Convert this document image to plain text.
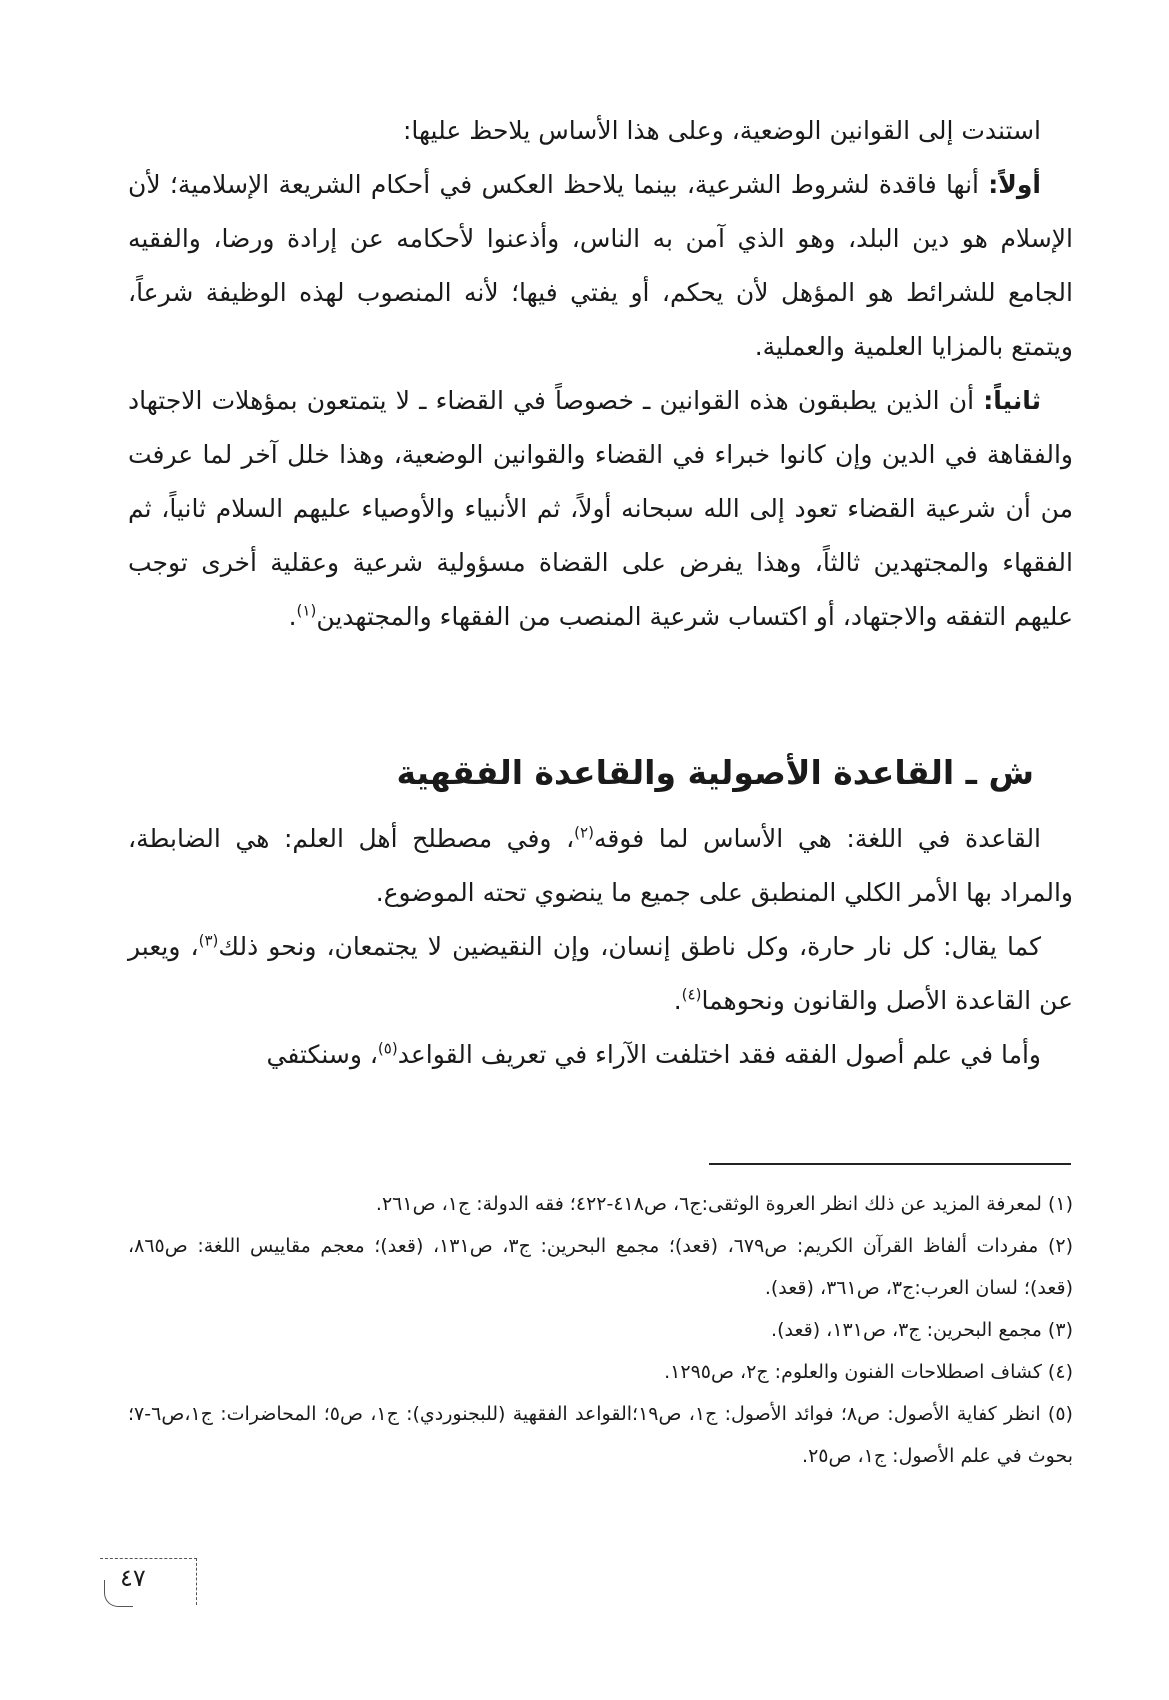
استندت إلى القوانين الوضعية، وعلى هذا الأساس يلاحظ عليها:

أولاً: أنها فاقدة لشروط الشرعية، بينما يلاحظ العكس في أحكام الشريعة الإسلامية؛ لأن الإسلام هو دين البلد، وهو الذي آمن به الناس، وأذعنوا لأحكامه عن إرادة ورضا، والفقيه الجامع للشرائط هو المؤهل لأن يحكم، أو يفتي فيها؛ لأنه المنصوب لهذه الوظيفة شرعاً، ويتمتع بالمزايا العلمية والعملية.

ثانياً: أن الذين يطبقون هذه القوانين ـ خصوصاً في القضاء ـ لا يتمتعون بمؤهلات الاجتهاد والفقاهة في الدين وإن كانوا خبراء في القضاء والقوانين الوضعية، وهذا خلل آخر لما عرفت من أن شرعية القضاء تعود إلى الله سبحانه أولاً، ثم الأنبياء والأوصياء عليهم السلام ثانياً، ثم الفقهاء والمجتهدين ثالثاً، وهذا يفرض على القضاة مسؤولية شرعية وعقلية أخرى توجب عليهم التفقه والاجتهاد، أو اكتساب شرعية المنصب من الفقهاء والمجتهدين$^{(١)}$.

ش ـ القاعدة الأصولية والقاعدة الفقهية

القاعدة في اللغة: هي الأساس لما فوقه$^{(٢)}$، وفي مصطلح أهل العلم: هي الضابطة، والمراد بها الأمر الكلي المنطبق على جميع ما ينضوي تحته الموضوع.

كما يقال: كل نار حارة، وكل ناطق إنسان، وإن النقيضين لا يجتمعان، ونحو ذلك$^{(٣)}$، ويعبر عن القاعدة الأصل والقانون ونحوهما$^{(٤)}$.

وأما في علم أصول الفقه فقد اختلفت الآراء في تعريف القواعد$^{(٥)}$، وسنكتفي

(١) لمعرفة المزيد عن ذلك انظر العروة الوثقى:ج٦، ص٤١٨-٤٢٢؛ فقه الدولة: ج١، ص٢٦١.

(٢) مفردات ألفاظ القرآن الكريم: ص٦٧٩، (قعد)؛ مجمع البحرين: ج٣، ص١٣١، (قعد)؛ معجم مقاييس اللغة: ص٨٦٥، (قعد)؛ لسان العرب:ج٣، ص٣٦١، (قعد).

(٣) مجمع البحرين: ج٣، ص١٣١، (قعد).

(٤) كشاف اصطلاحات الفنون والعلوم: ج٢، ص١٢٩٥.

(٥) انظر كفاية الأصول: ص٨؛ فوائد الأصول: ج١، ص١٩؛القواعد الفقهية (للبجنوردي): ج١، ص٥؛ المحاضرات: ج١،ص٦-٧؛ بحوث في علم الأصول: ج١، ص٢٥.

٤٧
